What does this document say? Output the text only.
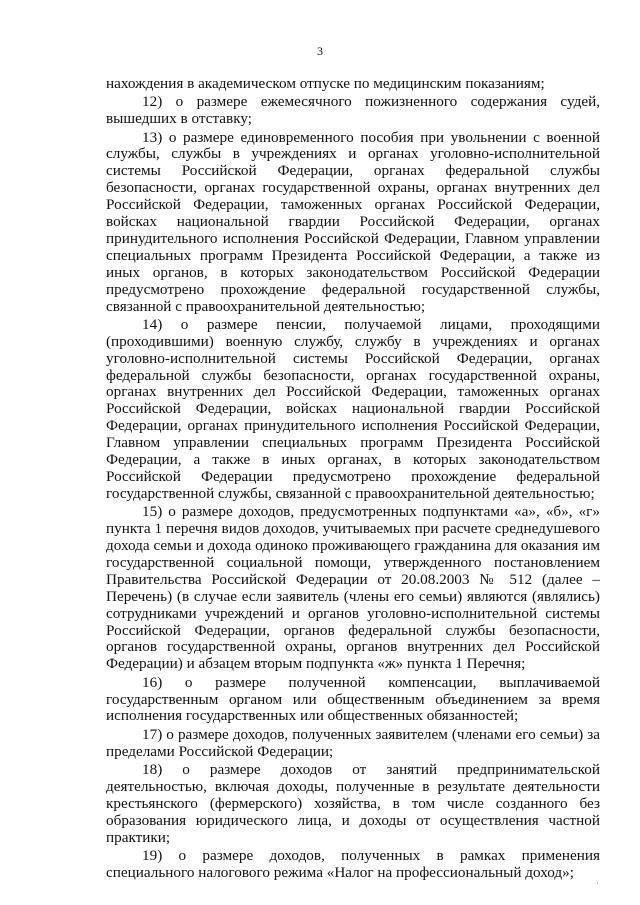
3

нахождения в академическом отпуске по медицинским показаниям;

12) о размере ежемесячного пожизненного содержания судей, вышедших в отставку;

13) о размере единовременного пособия при увольнении с военной службы, службы в учреждениях и органах уголовно-исполнительной системы Российской Федерации, органах федеральной службы безопасности, органах государственной охраны, органах внутренних дел Российской Федерации, таможенных органах Российской Федерации, войсках национальной гвардии Российской Федерации, органах принудительного исполнения Российской Федерации, Главном управлении специальных программ Президента Российской Федерации, а также из иных органов, в которых законодательством Российской Федерации предусмотрено прохождение федеральной государственной службы, связанной с правоохранительной деятельностью;

14) о размере пенсии, получаемой лицами, проходящими (проходившими) военную службу, службу в учреждениях и органах уголовно-исполнительной системы Российской Федерации, органах федеральной службы безопасности, органах государственной охраны, органах внутренних дел Российской Федерации, таможенных органах Российской Федерации, войсках национальной гвардии Российской Федерации, органах принудительного исполнения Российской Федерации, Главном управлении специальных программ Президента Российской Федерации, а также в иных органах, в которых законодательством Российской Федерации предусмотрено прохождение федеральной государственной службы, связанной с правоохранительной деятельностью;

15) о размере доходов, предусмотренных подпунктами «а», «б», «г» пункта 1 перечня видов доходов, учитываемых при расчете среднедушевого дохода семьи и дохода одиноко проживающего гражданина для оказания им государственной социальной помощи, утвержденного постановлением Правительства Российской Федерации от 20.08.2003 № 512 (далее – Перечень) (в случае если заявитель (члены его семьи) являются (являлись) сотрудниками учреждений и органов уголовно-исполнительной системы Российской Федерации, органов федеральной службы безопасности, органов государственной охраны, органов внутренних дел Российской Федерации) и абзацем вторым подпункта «ж» пункта 1 Перечня;

16) о размере полученной компенсации, выплачиваемой государственным органом или общественным объединением за время исполнения государственных или общественных обязанностей;

17) о размере доходов, полученных заявителем (членами его семьи) за пределами Российской Федерации;

18) о размере доходов от занятий предпринимательской деятельностью, включая доходы, полученные в результате деятельности крестьянского (фермерского) хозяйства, в том числе созданного без образования юридического лица, и доходы от осуществления частной практики;

19) о размере доходов, полученных в рамках применения специального налогового режима «Налог на профессиональный доход»;

·
